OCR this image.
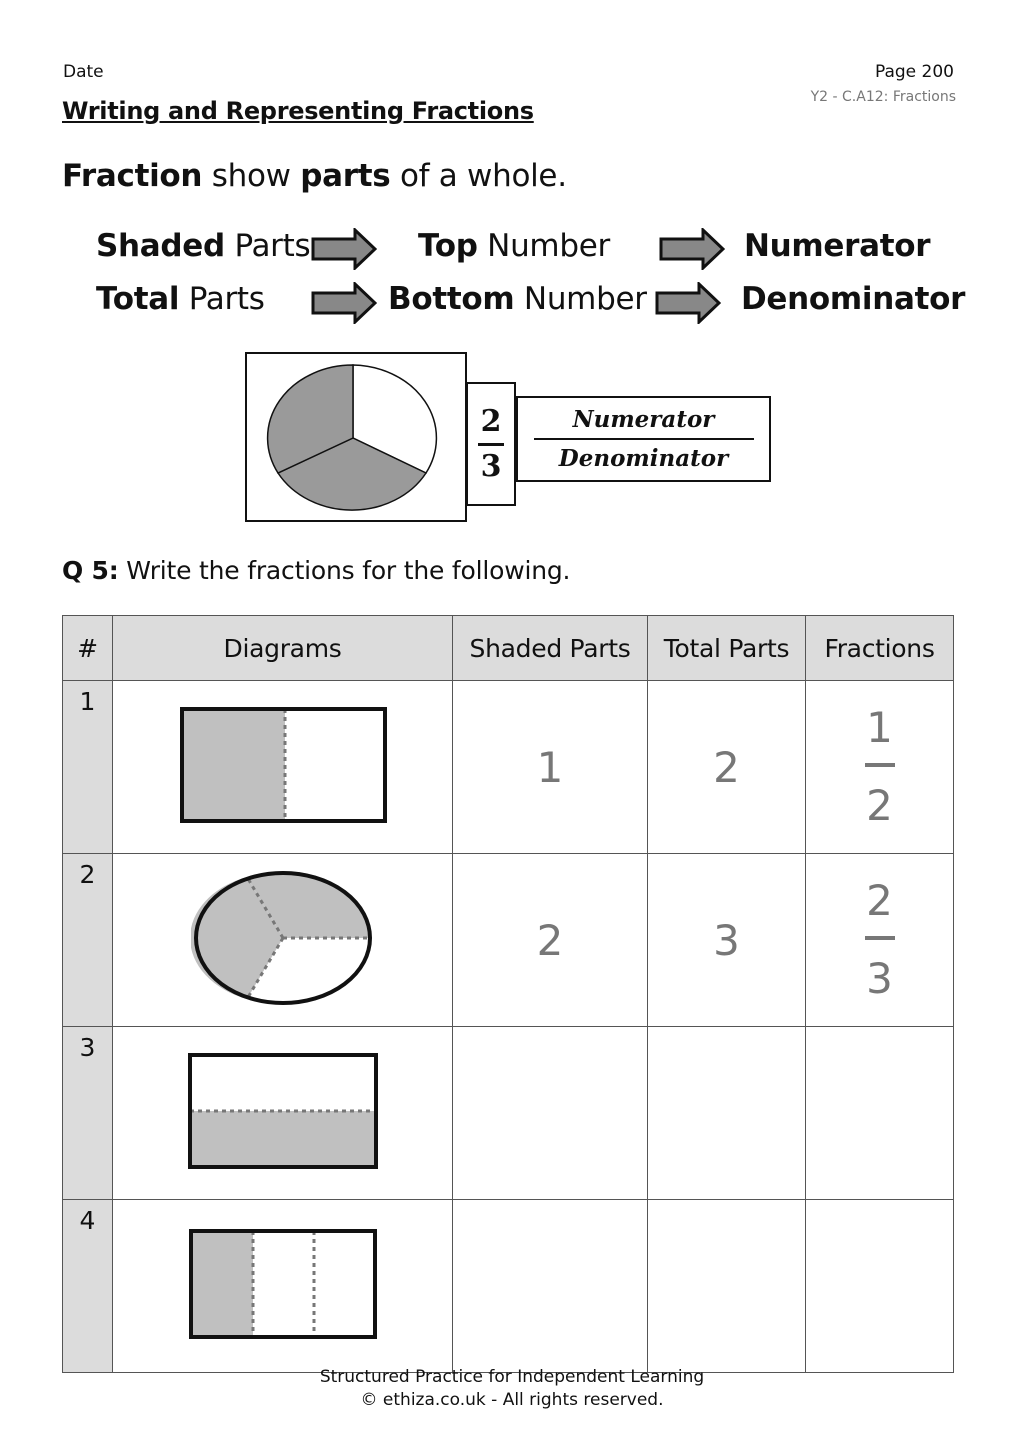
Date	Page 200
Y2 - C.A12: Fractions
Writing and Representing Fractions
Fraction show parts of a whole.
Shaded Parts	Top Number	Numerator
Total Parts	Bottom Number	Denominator
2
3
Numerator
Denominator
Q 5: Write the fractions for the following.
#	Diagrams	Shaded Parts	Total Parts	Fractions
1		1	2	$\frac{1}{2}$

2		2	3	$\frac{2}{3}$

3				
4				
Structured Practice for Independent Learning
© ethiza.co.uk - All rights reserved.
